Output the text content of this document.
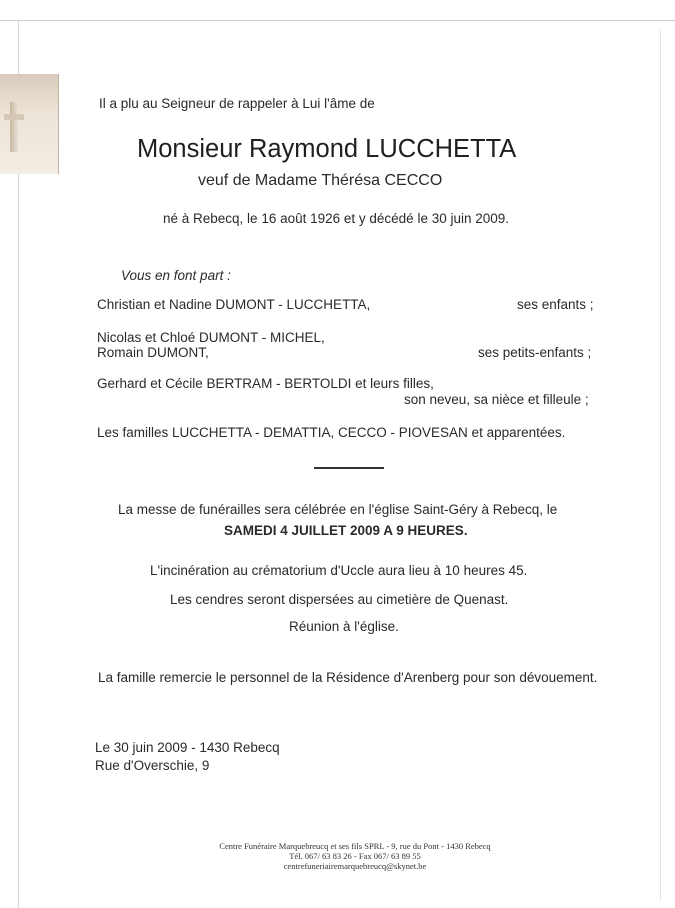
Il a plu au Seigneur de rappeler à Lui l'âme de
Monsieur Raymond LUCCHETTA
veuf de Madame Thérésa CECCO
né à Rebecq, le 16 août 1926 et y décédé le 30 juin 2009.
Vous en font part :
Christian et Nadine DUMONT - LUCCHETTA,	ses enfants ;
Nicolas et Chloé DUMONT - MICHEL,
Romain DUMONT,	ses petits-enfants ;
Gerhard et Cécile BERTRAM - BERTOLDI et leurs filles,
son neveu, sa nièce et filleule ;
Les familles LUCCHETTA - DEMATTIA, CECCO - PIOVESAN et apparentées.
La messe de funérailles sera célébrée en l'église Saint-Géry à Rebecq, le
SAMEDI 4 JUILLET 2009 A 9 HEURES.
L'incinération au crématorium d'Uccle aura lieu à 10 heures 45.
Les cendres seront dispersées au cimetière de Quenast.
Réunion à l'église.
La famille remercie le personnel de la Résidence d'Arenberg pour son dévouement.
Le 30 juin 2009 - 1430 Rebecq
Rue d'Overschie, 9
Centre Funéraire Marquebreucq et ses fils SPRL - 9, rue du Pont - 1430 Rebecq
Tél. 067/ 63 83 26 - Fax 067/ 63 89 55
centrefuneriairemarquebreucq@skynet.be
